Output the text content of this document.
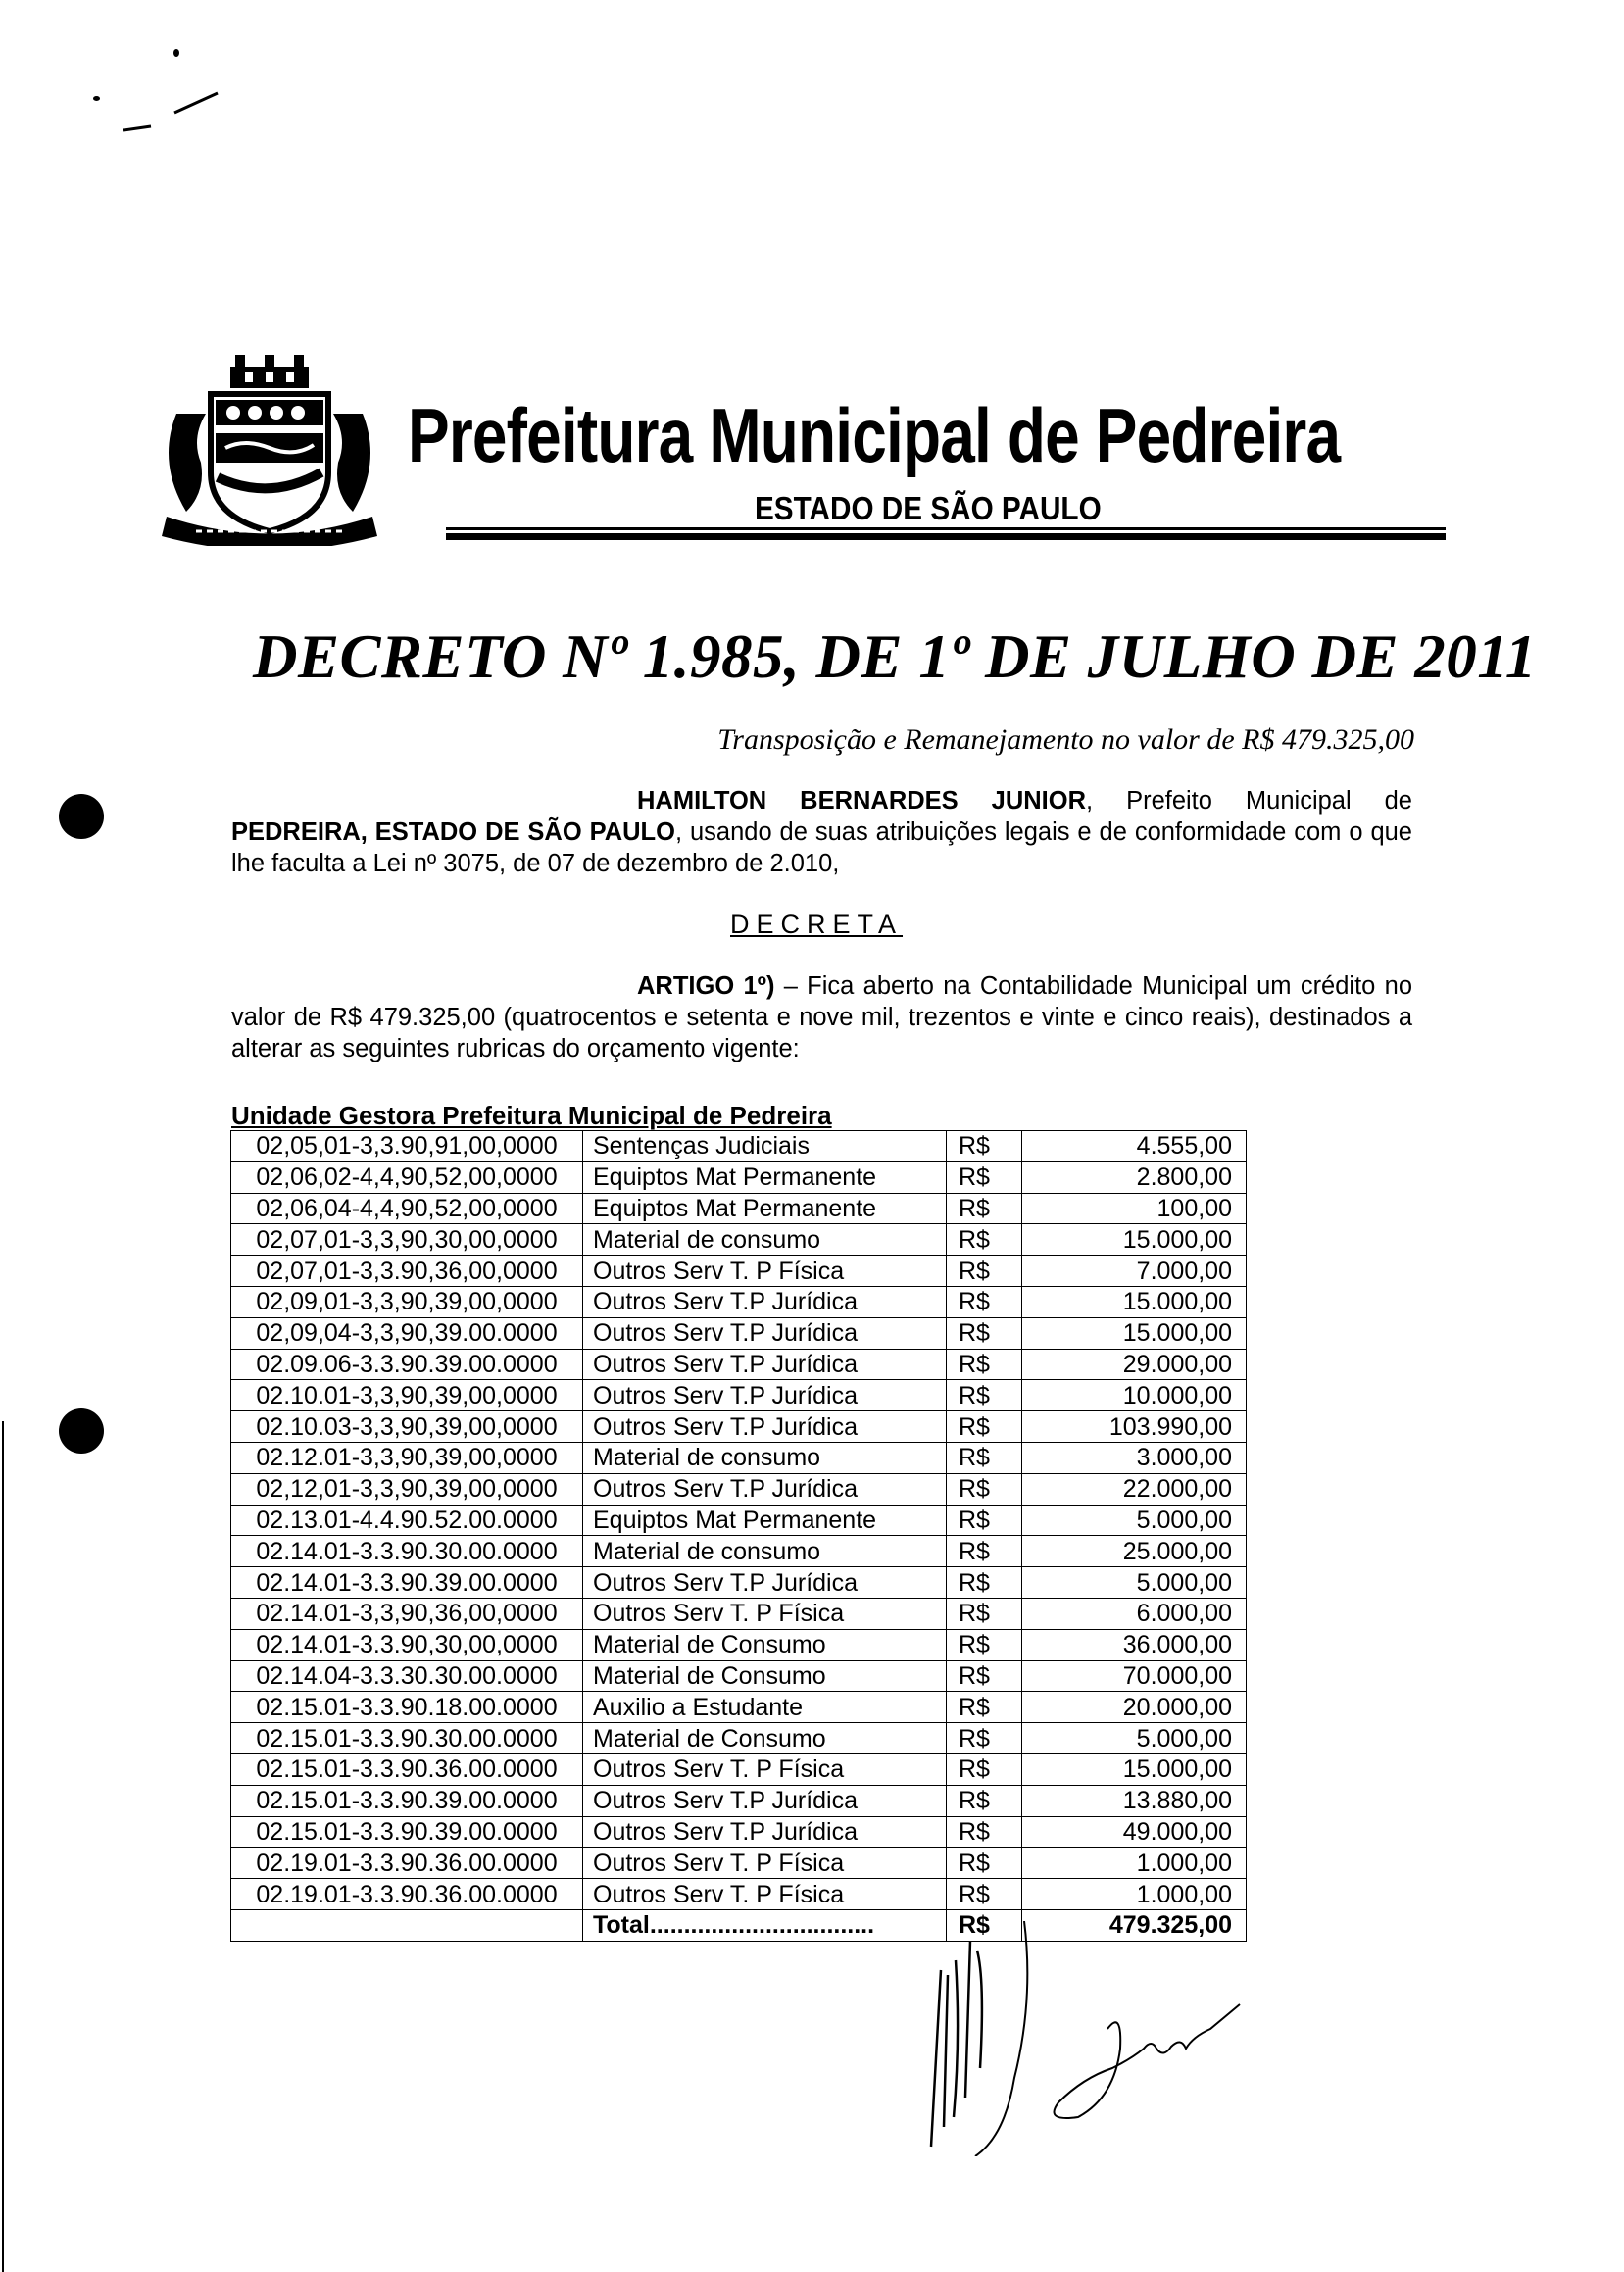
Prefeitura Municipal de Pedreira
ESTADO DE SÃO PAULO
DECRETO Nº 1.985, DE 1º DE JULHO DE 2011
Transposição e Remanejamento no valor de R$ 479.325,00
HAMILTON BERNARDES JUNIOR, Prefeito Municipal de PEDREIRA, ESTADO DE SÃO PAULO, usando de suas atribuições legais e de conformidade com o que lhe faculta a Lei nº 3075, de 07 de dezembro de 2.010,
DECRETA
ARTIGO 1º) – Fica aberto na Contabilidade Municipal um crédito no valor de R$ 479.325,00 (quatrocentos e setenta e nove mil, trezentos e vinte e cinco reais), destinados a alterar as seguintes rubricas do orçamento vigente:
Unidade Gestora Prefeitura Municipal de Pedreira
02,05,01-3,3.90,91,00,0000	Sentenças Judiciais	R$	4.555,00
02,06,02-4,4,90,52,00,0000	Equiptos Mat Permanente	R$	2.800,00
02,06,04-4,4,90,52,00,0000	Equiptos Mat Permanente	R$	100,00
02,07,01-3,3,90,30,00,0000	Material de consumo	R$	15.000,00
02,07,01-3,3.90,36,00,0000	Outros Serv T. P Física	R$	7.000,00
02,09,01-3,3,90,39,00,0000	Outros Serv T.P Jurídica	R$	15.000,00
02,09,04-3,3,90,39.00.0000	Outros Serv T.P Jurídica	R$	15.000,00
02.09.06-3.3.90.39.00.0000	Outros Serv T.P Jurídica	R$	29.000,00
02.10.01-3,3,90,39,00,0000	Outros Serv T.P Jurídica	R$	10.000,00
02.10.03-3,3,90,39,00,0000	Outros Serv T.P Jurídica	R$	103.990,00
02.12.01-3,3,90,39,00,0000	Material de consumo	R$	3.000,00
02,12,01-3,3,90,39,00,0000	Outros Serv T.P Jurídica	R$	22.000,00
02.13.01-4.4.90.52.00.0000	Equiptos Mat Permanente	R$	5.000,00
02.14.01-3.3.90.30.00.0000	Material de consumo	R$	25.000,00
02.14.01-3.3.90.39.00.0000	Outros Serv T.P Jurídica	R$	5.000,00
02.14.01-3,3,90,36,00,0000	Outros Serv T. P Física	R$	6.000,00
02.14.01-3.3.90,30,00,0000	Material de Consumo	R$	36.000,00
02.14.04-3.3.30.30.00.0000	Material de Consumo	R$	70.000,00
02.15.01-3.3.90.18.00.0000	Auxilio a Estudante	R$	20.000,00
02.15.01-3.3.90.30.00.0000	Material de Consumo	R$	5.000,00
02.15.01-3.3.90.36.00.0000	Outros Serv T. P Física	R$	15.000,00
02.15.01-3.3.90.39.00.0000	Outros Serv T.P Jurídica	R$	13.880,00
02.15.01-3.3.90.39.00.0000	Outros Serv T.P Jurídica	R$	49.000,00
02.19.01-3.3.90.36.00.0000	Outros Serv T. P Física	R$	1.000,00
02.19.01-3.3.90.36.00.0000	Outros Serv T. P Física	R$	1.000,00
	Total.................................	R$	479.325,00
